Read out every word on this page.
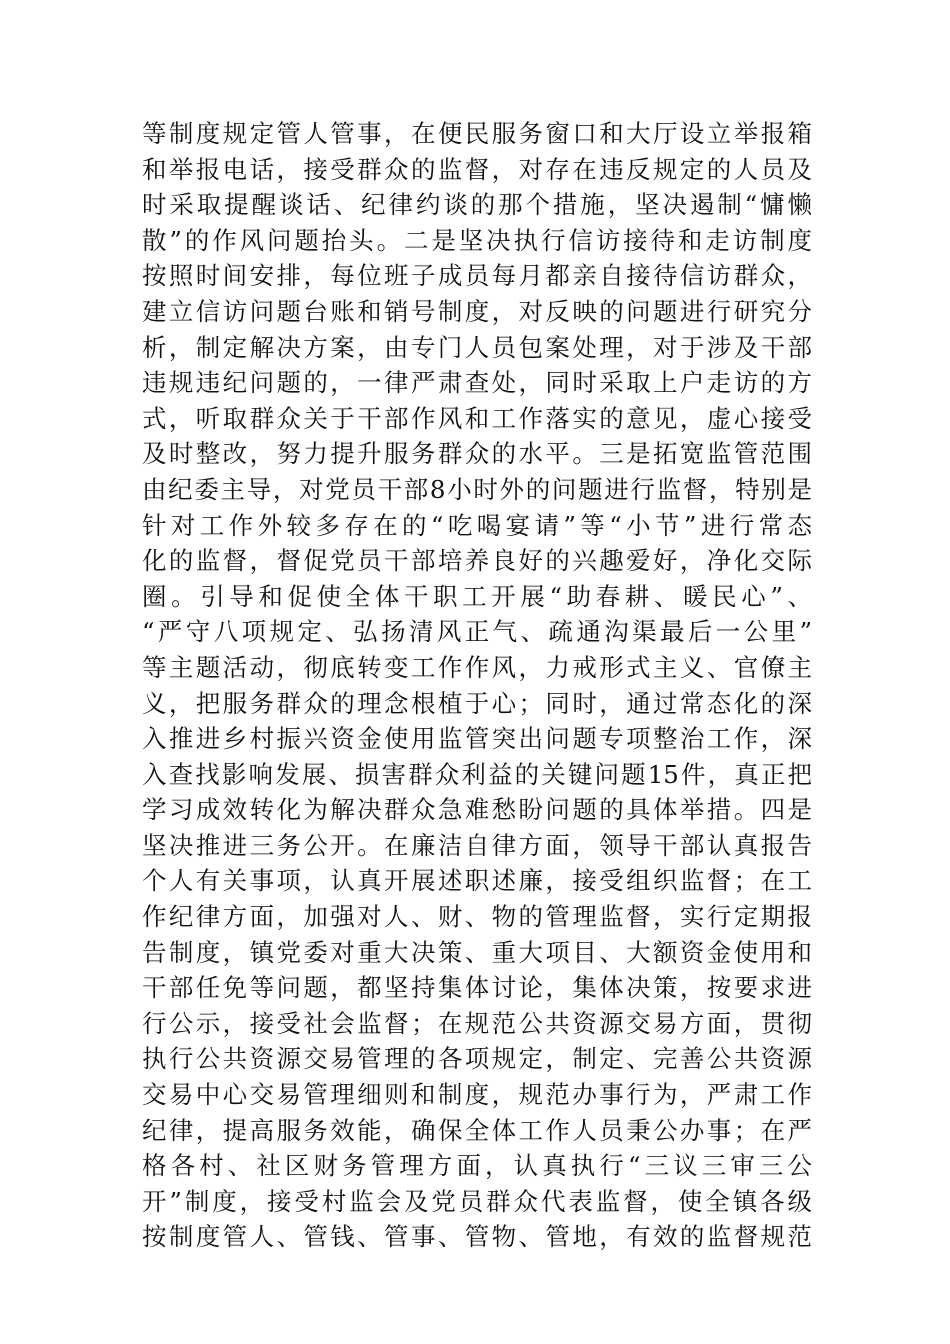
等制度规定管人管事，在便民服务窗口和大厅设立举报箱
和举报电话，接受群众的监督，对存在违反规定的人员及
时采取提醒谈话、纪律约谈的那个措施，坚决遏制“慵懒
散”的作风问题抬头。二是坚决执行信访接待和走访制度
按照时间安排，每位班子成员每月都亲自接待信访群众，
建立信访问题台账和销号制度，对反映的问题进行研究分
析，制定解决方案，由专门人员包案处理，对于涉及干部
违规违纪问题的，一律严肃查处，同时采取上户走访的方
式，听取群众关于干部作风和工作落实的意见，虚心接受
及时整改，努力提升服务群众的水平。三是拓宽监管范围
由纪委主导，对党员干部8小时外的问题进行监督，特别是
针对工作外较多存在的“吃喝宴请”等“小节”进行常态
化的监督，督促党员干部培养良好的兴趣爱好，净化交际
圈。引导和促使全体干职工开展“助春耕、暖民心”、
“严守八项规定、弘扬清风正气、疏通沟渠最后一公里”
等主题活动，彻底转变工作作风，力戒形式主义、官僚主
义，把服务群众的理念根植于心；同时，通过常态化的深
入推进乡村振兴资金使用监管突出问题专项整治工作，深
入查找影响发展、损害群众利益的关键问题15件，真正把
学习成效转化为解决群众急难愁盼问题的具体举措。四是
坚决推进三务公开。在廉洁自律方面，领导干部认真报告
个人有关事项，认真开展述职述廉，接受组织监督；在工
作纪律方面，加强对人、财、物的管理监督，实行定期报
告制度，镇党委对重大决策、重大项目、大额资金使用和
干部任免等问题，都坚持集体讨论，集体决策，按要求进
行公示，接受社会监督；在规范公共资源交易方面，贯彻
执行公共资源交易管理的各项规定，制定、完善公共资源
交易中心交易管理细则和制度，规范办事行为，严肃工作
纪律，提高服务效能，确保全体工作人员秉公办事；在严
格各村、社区财务管理方面，认真执行“三议三审三公
开”制度，接受村监会及党员群众代表监督，使全镇各级
按制度管人、管钱、管事、管物、管地，有效的监督规范
